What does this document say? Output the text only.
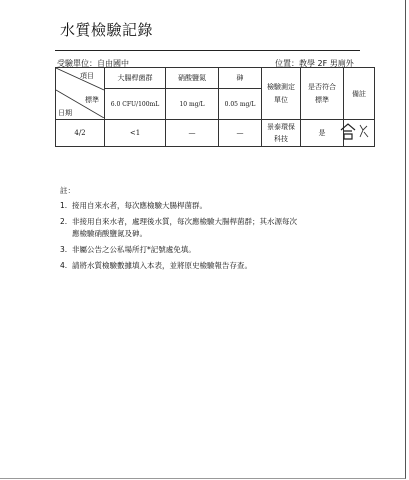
水質檢驗記錄
受驗單位：自由國中	位置：教學 2F 男廁外
項目
標準
日期	大腸桿菌群	硝酸鹽氮	砷	檢驗測定單位	是否符合標準	備註
	6.0 CFU/100mL	10 mg/L	0.05 mg/L			
4/2	<1	—	—	景泰環保科技	是	
註：
1. 接用自來水者，每次應檢驗大腸桿菌群。
2. 非接用自來水者，處理後水質，每次應檢驗大腸桿菌群；其水源每次應檢驗硝酸鹽氮及砷。
3. 非屬公告之公私場所打*記號處免填。
4. 請將水質檢驗數據填入本表，並將原史檢驗報告存查。
